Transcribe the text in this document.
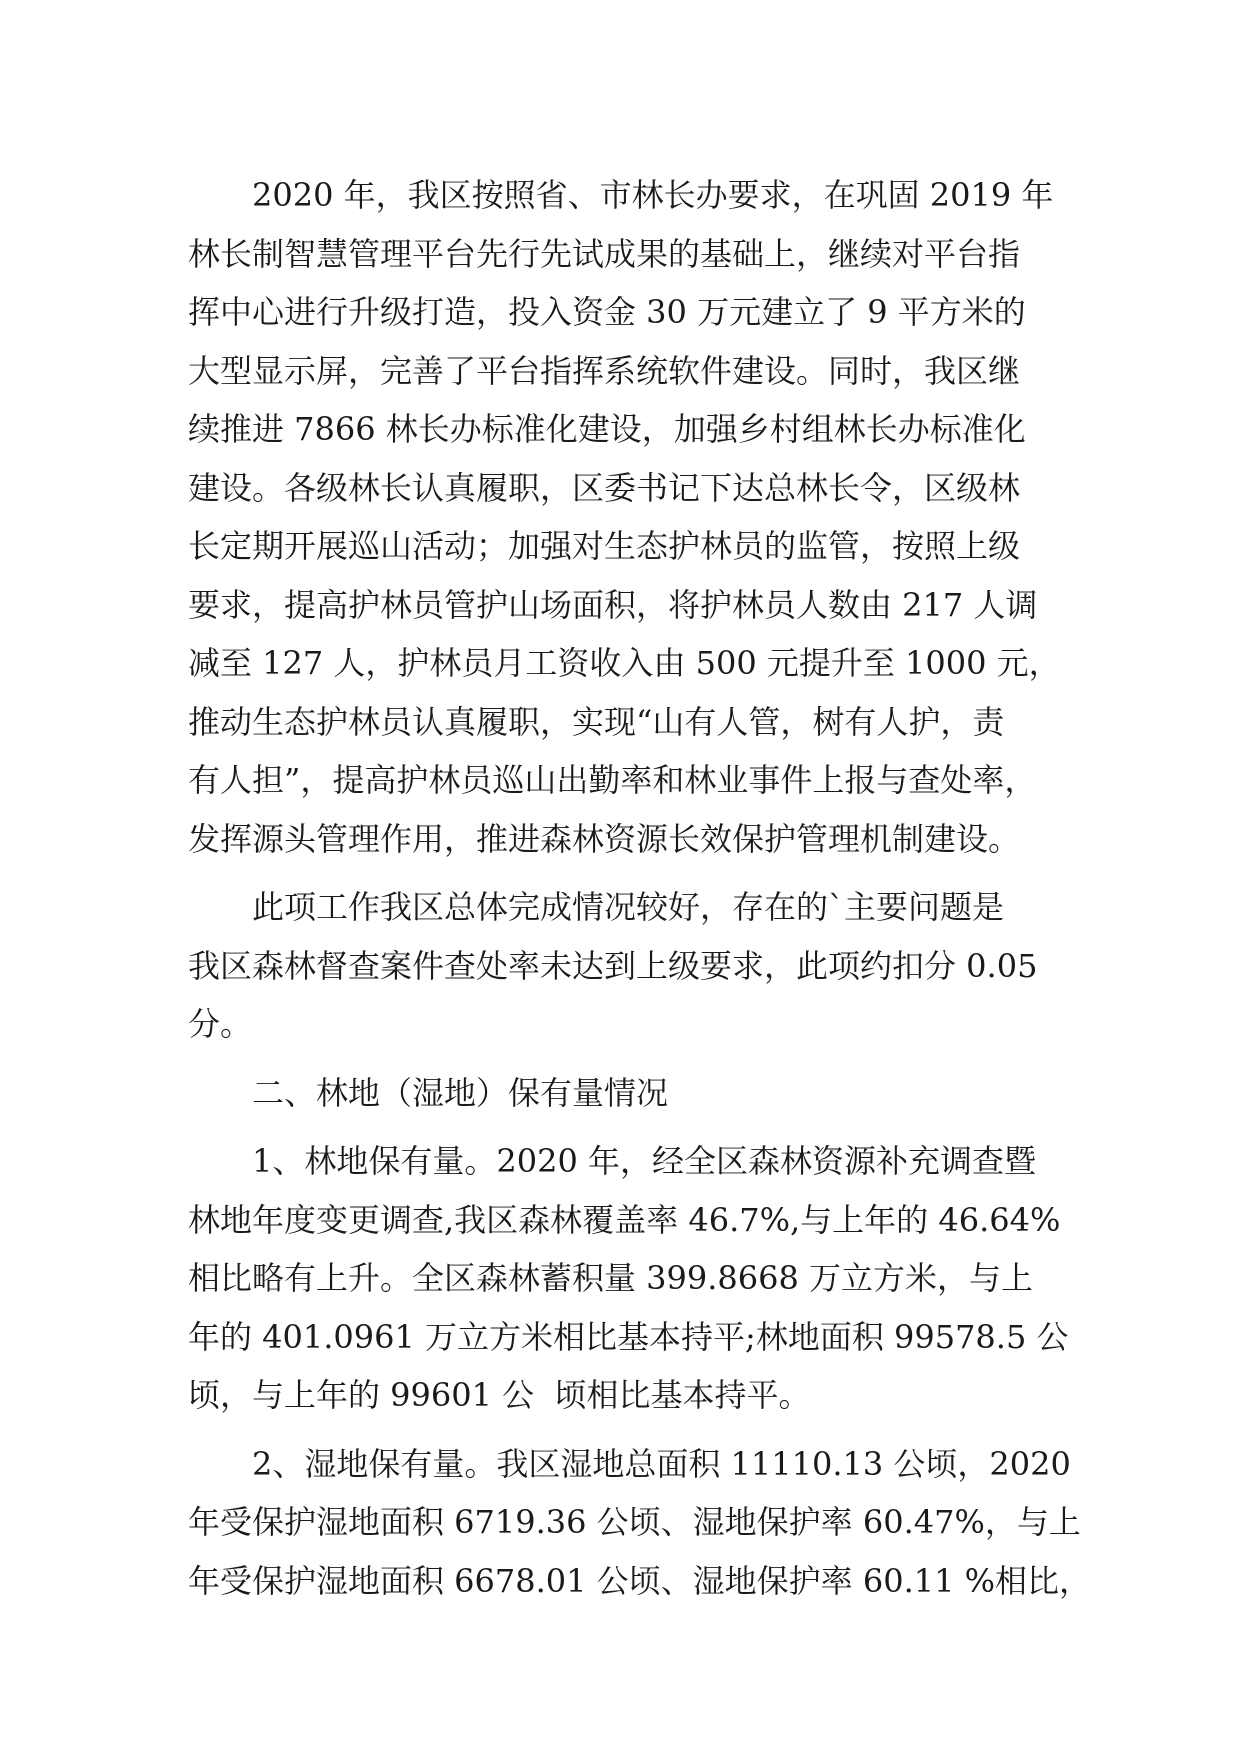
2020 年，我区按照省、市林长办要求，在巩固 2019 年
林长制智慧管理平台先行先试成果的基础上，继续对平台指
挥中心进行升级打造，投入资金 30 万元建立了 9 平方米的
大型显示屏，完善了平台指挥系统软件建设。同时，我区继
续推进 7866 林长办标准化建设，加强乡村组林长办标准化
建设。各级林长认真履职，区委书记下达总林长令，区级林
长定期开展巡山活动；加强对生态护林员的监管，按照上级
要求，提高护林员管护山场面积，将护林员人数由 217 人调
减至 127 人，护林员月工资收入由 500 元提升至 1000 元，
推动生态护林员认真履职，实现“山有人管，树有人护，责
有人担”，提高护林员巡山出勤率和林业事件上报与查处率，
发挥源头管理作用，推进森林资源长效保护管理机制建设。
此项工作我区总体完成情况较好，存在的`主要问题是
我区森林督查案件查处率未达到上级要求，此项约扣分 0.05
分。
二、林地（湿地）保有量情况
1、林地保有量。2020 年，经全区森林资源补充调查暨
林地年度变更调查,我区森林覆盖率 46.7%,与上年的 46.64%
相比略有上升。全区森林蓄积量 399.8668 万立方米，与上
年的 401.0961 万立方米相比基本持平;林地面积 99578.5 公
顷，与上年的 99601 公  顷相比基本持平。
2、湿地保有量。我区湿地总面积 11110.13 公顷，2020
年受保护湿地面积 6719.36 公顷、湿地保护率 60.47%，与上
年受保护湿地面积 6678.01 公顷、湿地保护率 60.11 %相比，
